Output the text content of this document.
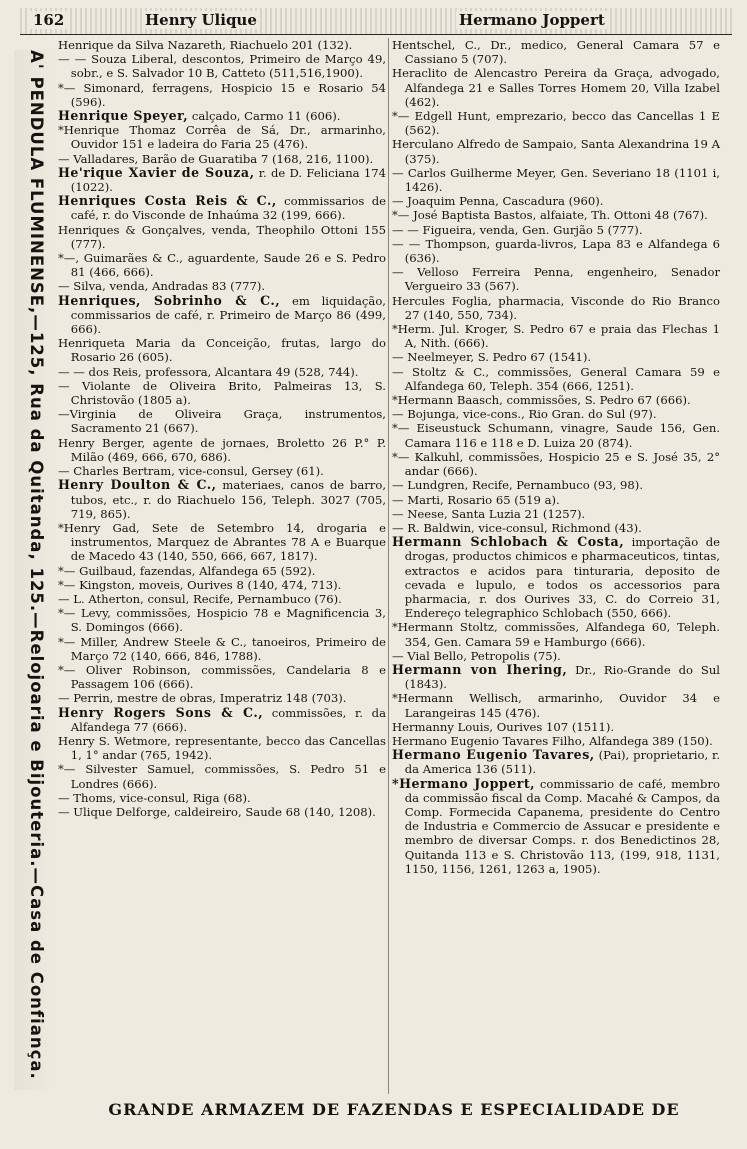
162	Henry Ulique	Hermano Joppert
A' PENDULA FLUMINENSE,—125, Rua da Quitanda, 125.—Relojoaria e Bijouteria.—Casa de Confiança.
Henrique da Silva Nazareth, Riachuelo 201 (132).
— — Souza Liberal, descontos, Primeiro de Março 49, sobr., e S. Salvador 10 B, Catteto (511,516,1900).
*— Simonard, ferragens, Hospicio 15 e Rosario 54 (596).
Henrique Speyer, calçado, Carmo 11 (606).
*Henrique Thomaz Corrêa de Sá, Dr., armarinho, Ouvidor 151 e ladeira do Faria 25 (476).
— Valladares, Barão de Guaratiba 7 (168, 216, 1100).
He'rique Xavier de Souza, r. de D. Feliciana 174 (1022).
Henriques Costa Reis & C., commissarios de café, r. do Visconde de Inhaúma 32 (199, 666).
Henriques & Gonçalves, venda, Theophilo Ottoni 155 (777).
*—, Guimarães & C., aguardente, Saude 26 e S. Pedro 81 (466, 666).
— Silva, venda, Andradas 83 (777).
Henriques, Sobrinho & C., em liquidação, commissarios de café, r. Primeiro de Março 86 (499, 666).
Henriqueta Maria da Conceição, frutas, largo do Rosario 26 (605).
— — dos Reis, professora, Alcantara 49 (528, 744).
— Violante de Oliveira Brito, Palmeiras 13, S. Christovão (1805 a).
—Virginia de Oliveira Graça, instrumentos, Sacramento 21 (667).
Henry Berger, agente de jornaes, Broletto 26 P.° P. Milão (469, 666, 670, 686).
— Charles Bertram, vice-consul, Gersey (61).
Henry Doulton & C., materiaes, canos de barro, tubos, etc., r. do Riachuelo 156, Teleph. 3027 (705, 719, 865).
*Henry Gad, Sete de Setembro 14, drogaria e instrumentos, Marquez de Abrantes 78 A e Buarque de Macedo 43 (140, 550, 666, 667, 1817).
*— Guilbaud, fazendas, Alfandega 65 (592).
*— Kingston, moveis, Ourives 8 (140, 474, 713).
— L. Atherton, consul, Recife, Pernambuco (76).
*— Levy, commissões, Hospicio 78 e Magnificencia 3, S. Domingos (666).
*— Miller, Andrew Steele & C., tanoeiros, Primeiro de Março 72 (140, 666, 846, 1788).
*— Oliver Robinson, commissões, Candelaria 8 e Passagem 106 (666).
— Perrin, mestre de obras, Imperatriz 148 (703).
Henry Rogers Sons & C., commissões, r. da Alfandega 77 (666).
Henry S. Wetmore, representante, becco das Cancellas 1, 1° andar (765, 1942).
*— Silvester Samuel, commissões, S. Pedro 51 e Londres (666).
— Thoms, vice-consul, Riga (68).
— Ulique Delforge, caldeireiro, Saude 68 (140, 1208).
Hentschel, C., Dr., medico, General Camara 57 e Cassiano 5 (707).
Heraclito de Alencastro Pereira da Graça, advogado, Alfandega 21 e Salles Torres Homem 20, Villa Izabel (462).
*— Edgell Hunt, emprezario, becco das Cancellas 1 E (562).
Herculano Alfredo de Sampaio, Santa Alexandrina 19 A (375).
— Carlos Guilherme Meyer, Gen. Severiano 18 (1101 i, 1426).
— Joaquim Penna, Cascadura (960).
*— José Baptista Bastos, alfaiate, Th. Ottoni 48 (767).
— — Figueira, venda, Gen. Gurjão 5 (777).
— — Thompson, guarda-livros, Lapa 83 e Alfandega 6 (636).
— Velloso Ferreira Penna, engenheiro, Senador Vergueiro 33 (567).
Hercules Foglia, pharmacia, Visconde do Rio Branco 27 (140, 550, 734).
*Herm. Jul. Kroger, S. Pedro 67 e praia das Flechas 1 A, Nith. (666).
— Neelmeyer, S. Pedro 67 (1541).
— Stoltz & C., commissões, General Camara 59 e Alfandega 60, Teleph. 354 (666, 1251).
*Hermann Baasch, commissões, S. Pedro 67 (666).
— Bojunga, vice-cons., Rio Gran. do Sul (97).
*— Eiseustuck Schumann, vinagre, Saude 156, Gen. Camara 116 e 118 e D. Luiza 20 (874).
*— Kalkuhl, commissões, Hospicio 25 e S. José 35, 2° andar (666).
— Lundgren, Recife, Pernambuco (93, 98).
— Marti, Rosario 65 (519 a).
— Neese, Santa Luzia 21 (1257).
— R. Baldwin, vice-consul, Richmond (43).
Hermann Schlobach & Costa, importação de drogas, productos chimicos e pharmaceuticos, tintas, extractos e acidos para tinturaria, deposito de cevada e lupulo, e todos os accessorios para pharmacia, r. dos Ourives 33, C. do Correio 31, Endereço telegraphico Schlobach (550, 666).
*Hermann Stoltz, commissões, Alfandega 60, Teleph. 354, Gen. Camara 59 e Hamburgo (666).
— Vial Bello, Petropolis (75).
Hermann von Ihering, Dr., Rio-Grande do Sul (1843).
*Hermann Wellisch, armarinho, Ouvidor 34 e Larangeiras 145 (476).
Hermanny Louis, Ourives 107 (1511).
Hermano Eugenio Tavares Filho, Alfandega 389 (150).
Hermano Eugenio Tavares, (Pai), proprietario, r. da America 136 (511).
*Hermano Joppert, commissario de café, membro da commissão fiscal da Comp. Macahé & Campos, da Comp. Formecida Capanema, presidente do Centro de Industria e Commercio de Assucar e presidente e membro de diversar Comps. r. dos Benedictinos 28, Quitanda 113 e S. Christovão 113, (199, 918, 1131, 1150, 1156, 1261, 1263 a, 1905).
GRANDE ARMAZEM DE FAZENDAS E ESPECIALIDADE DE
